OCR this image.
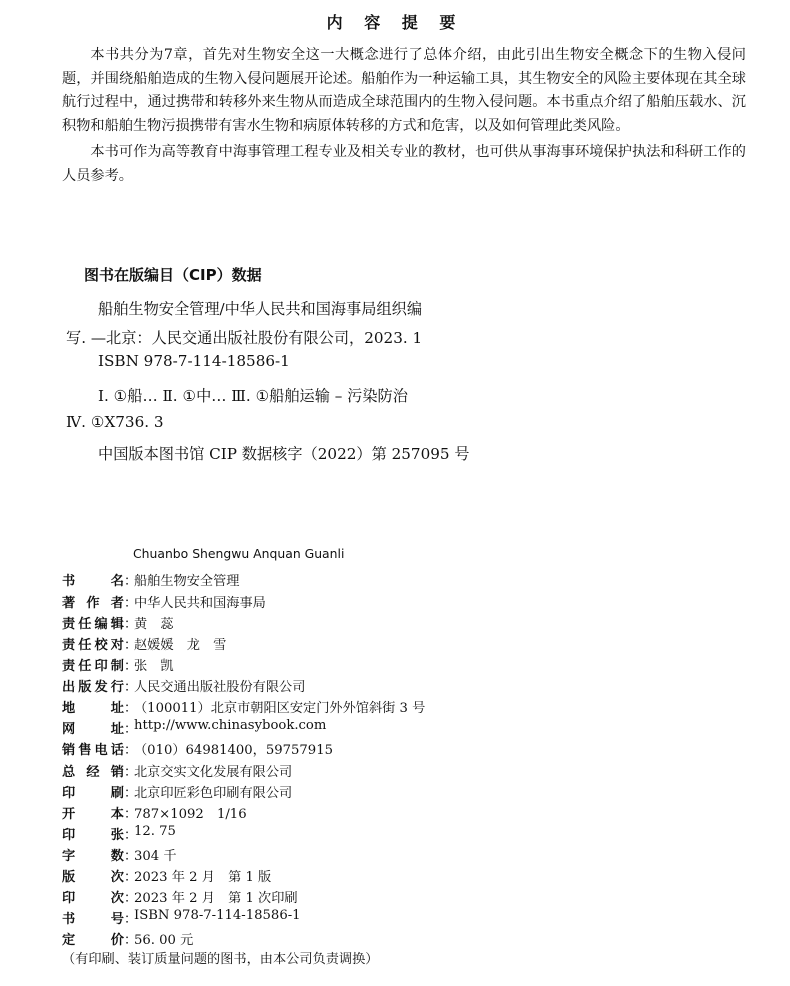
内 容 提 要
本书共分为7章，首先对生物安全这一大概念进行了总体介绍，由此引出生物安全概念下的生物入侵问题，并围绕船舶造成的生物入侵问题展开论述。船舶作为一种运输工具，其生物安全的风险主要体现在其全球航行过程中，通过携带和转移外来生物从而造成全球范围内的生物入侵问题。本书重点介绍了船舶压载水、沉积物和船舶生物污损携带有害水生物和病原体转移的方式和危害，以及如何管理此类风险。
本书可作为高等教育中海事管理工程专业及相关专业的教材，也可供从事海事环境保护执法和科研工作的人员参考。
图书在版编目（CIP）数据
船舶生物安全管理/中华人民共和国海事局组织编
写. —北京：人民交通出版社股份有限公司，2023. 1
ISBN 978-7-114-18586-1
Ⅰ. ①船… Ⅱ. ①中… Ⅲ. ①船舶运输 – 污染防治
Ⅳ. ①X736. 3
中国版本图书馆 CIP 数据核字（2022）第 257095 号
Chuanbo Shengwu Anquan Guanli
书名 ：
船舶生物安全管理
著作者 ：
中华人民共和国海事局
责任编辑 ：
黄　蕊
责任校对 ：
赵媛媛　龙　雪
责任印制 ：
张　凯
出版发行 ：
人民交通出版社股份有限公司
地址 ：
（100011）北京市朝阳区安定门外外馆斜街 3 号
网址 ：
http://www.chinasybook.com
销售电话 ：
（010）64981400，59757915
总经销 ：
北京交实文化发展有限公司
印刷 ：
北京印匠彩色印刷有限公司
开本 ：
787×1092　1/16
印张 ：
12. 75
字数 ：
304 千
版次 ：
2023 年 2 月　第 1 版
印次 ：
2023 年 2 月　第 1 次印刷
书号 ：
ISBN 978-7-114-18586-1
定价 ：
56. 00 元
（有印刷、装订质量问题的图书，由本公司负责调换）
